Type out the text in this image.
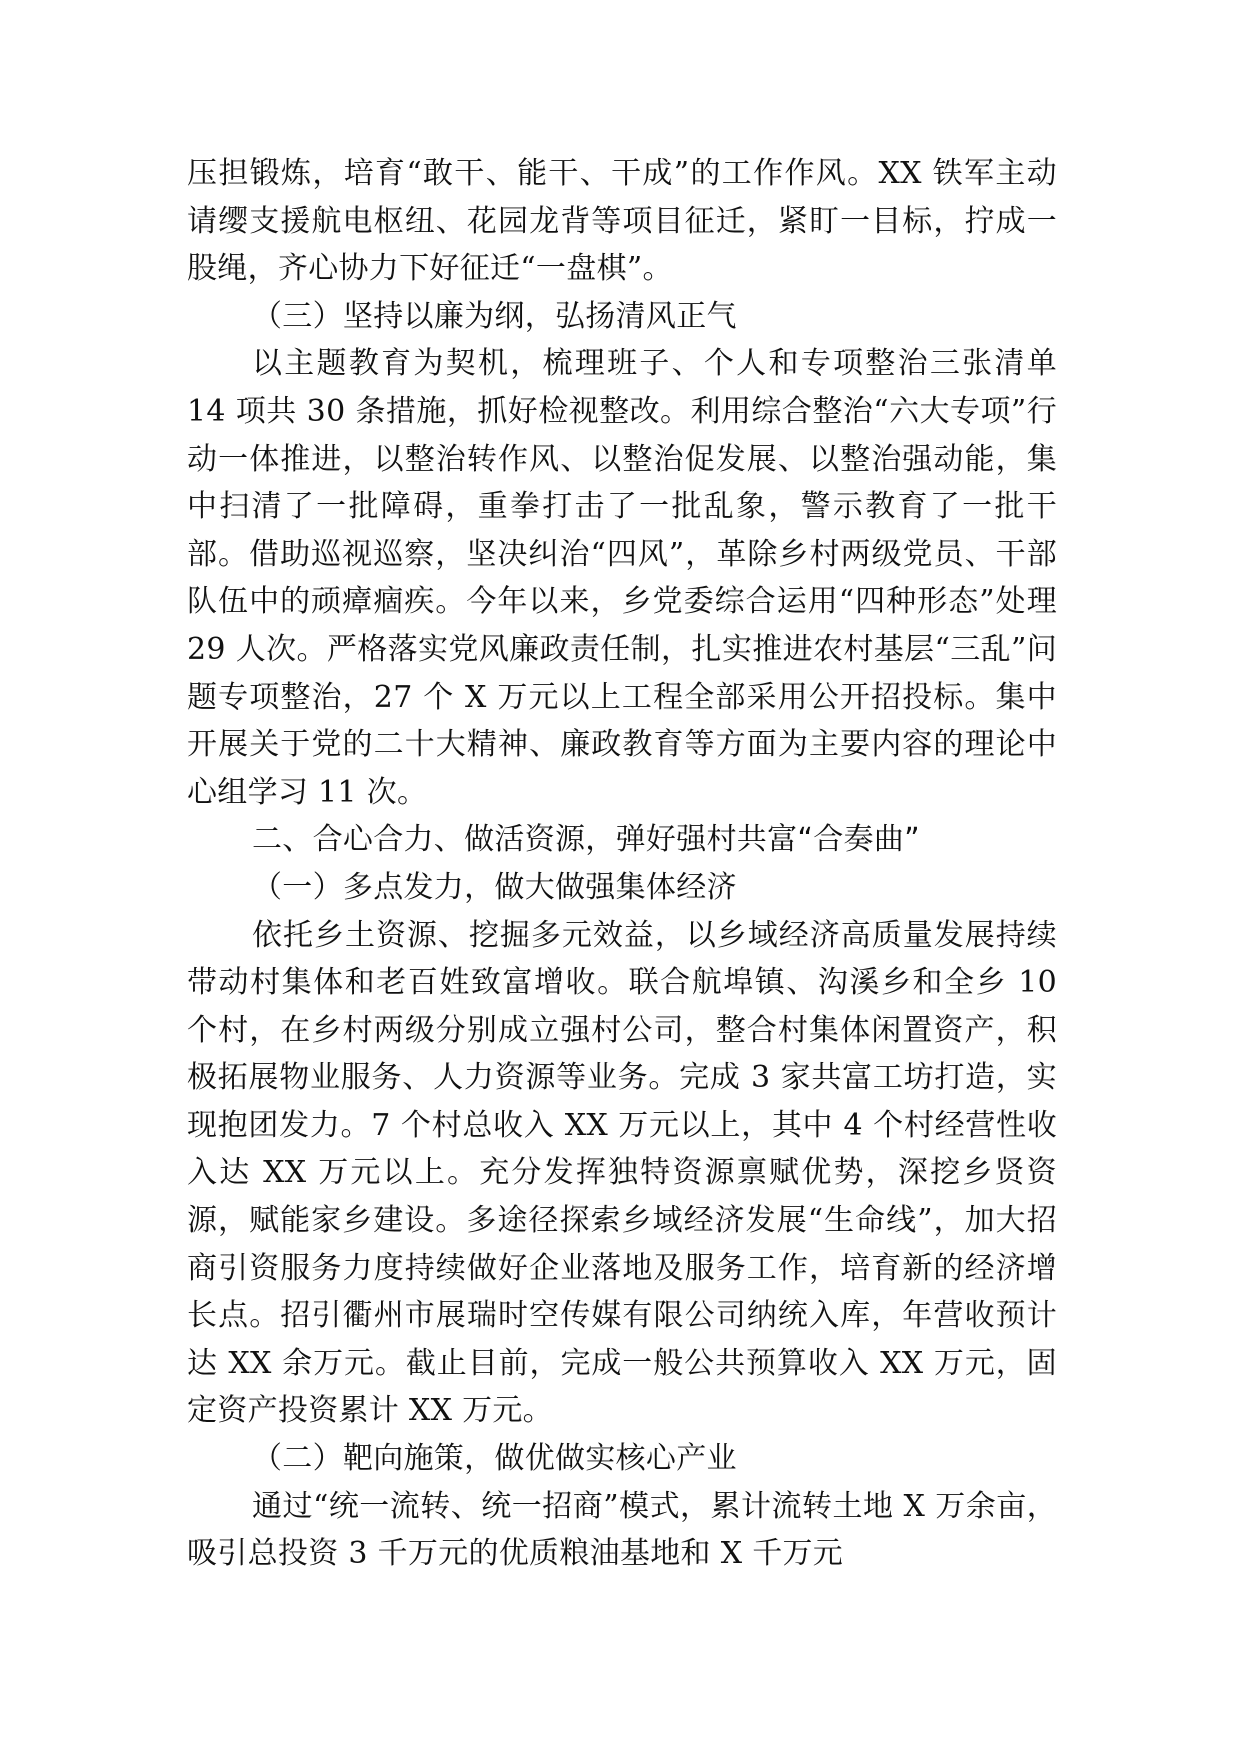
压担锻炼，培育“敢干、能干、干成”的工作作风。XX 铁军主动请缨支援航电枢纽、花园龙背等项目征迁，紧盯一目标，拧成一股绳，齐心协力下好征迁“一盘棋”。

（三）坚持以廉为纲，弘扬清风正气

以主题教育为契机，梳理班子、个人和专项整治三张清单 14 项共 30 条措施，抓好检视整改。利用综合整治“六大专项”行动一体推进，以整治转作风、以整治促发展、以整治强动能，集中扫清了一批障碍，重拳打击了一批乱象，警示教育了一批干部。借助巡视巡察，坚决纠治“四风”，革除乡村两级党员、干部队伍中的顽瘴痼疾。今年以来，乡党委综合运用“四种形态”处理 29 人次。严格落实党风廉政责任制，扎实推进农村基层“三乱”问题专项整治，27 个 X 万元以上工程全部采用公开招投标。集中开展关于党的二十大精神、廉政教育等方面为主要内容的理论中心组学习 11 次。

二、合心合力、做活资源，弹好强村共富“合奏曲”

（一）多点发力，做大做强集体经济

依托乡土资源、挖掘多元效益，以乡域经济高质量发展持续带动村集体和老百姓致富增收。联合航埠镇、沟溪乡和全乡 10 个村，在乡村两级分别成立强村公司，整合村集体闲置资产，积极拓展物业服务、人力资源等业务。完成 3 家共富工坊打造，实现抱团发力。7 个村总收入 XX 万元以上，其中 4 个村经营性收入达 XX 万元以上。充分发挥独特资源禀赋优势，深挖乡贤资源，赋能家乡建设。多途径探索乡域经济发展“生命线”，加大招商引资服务力度持续做好企业落地及服务工作，培育新的经济增长点。招引衢州市展瑞时空传媒有限公司纳统入库，年营收预计达 XX 余万元。截止目前，完成一般公共预算收入 XX 万元，固定资产投资累计 XX 万元。

（二）靶向施策，做优做实核心产业

通过“统一流转、统一招商”模式，累计流转土地 X 万余亩，吸引总投资 3 千万元的优质粮油基地和 X 千万元
